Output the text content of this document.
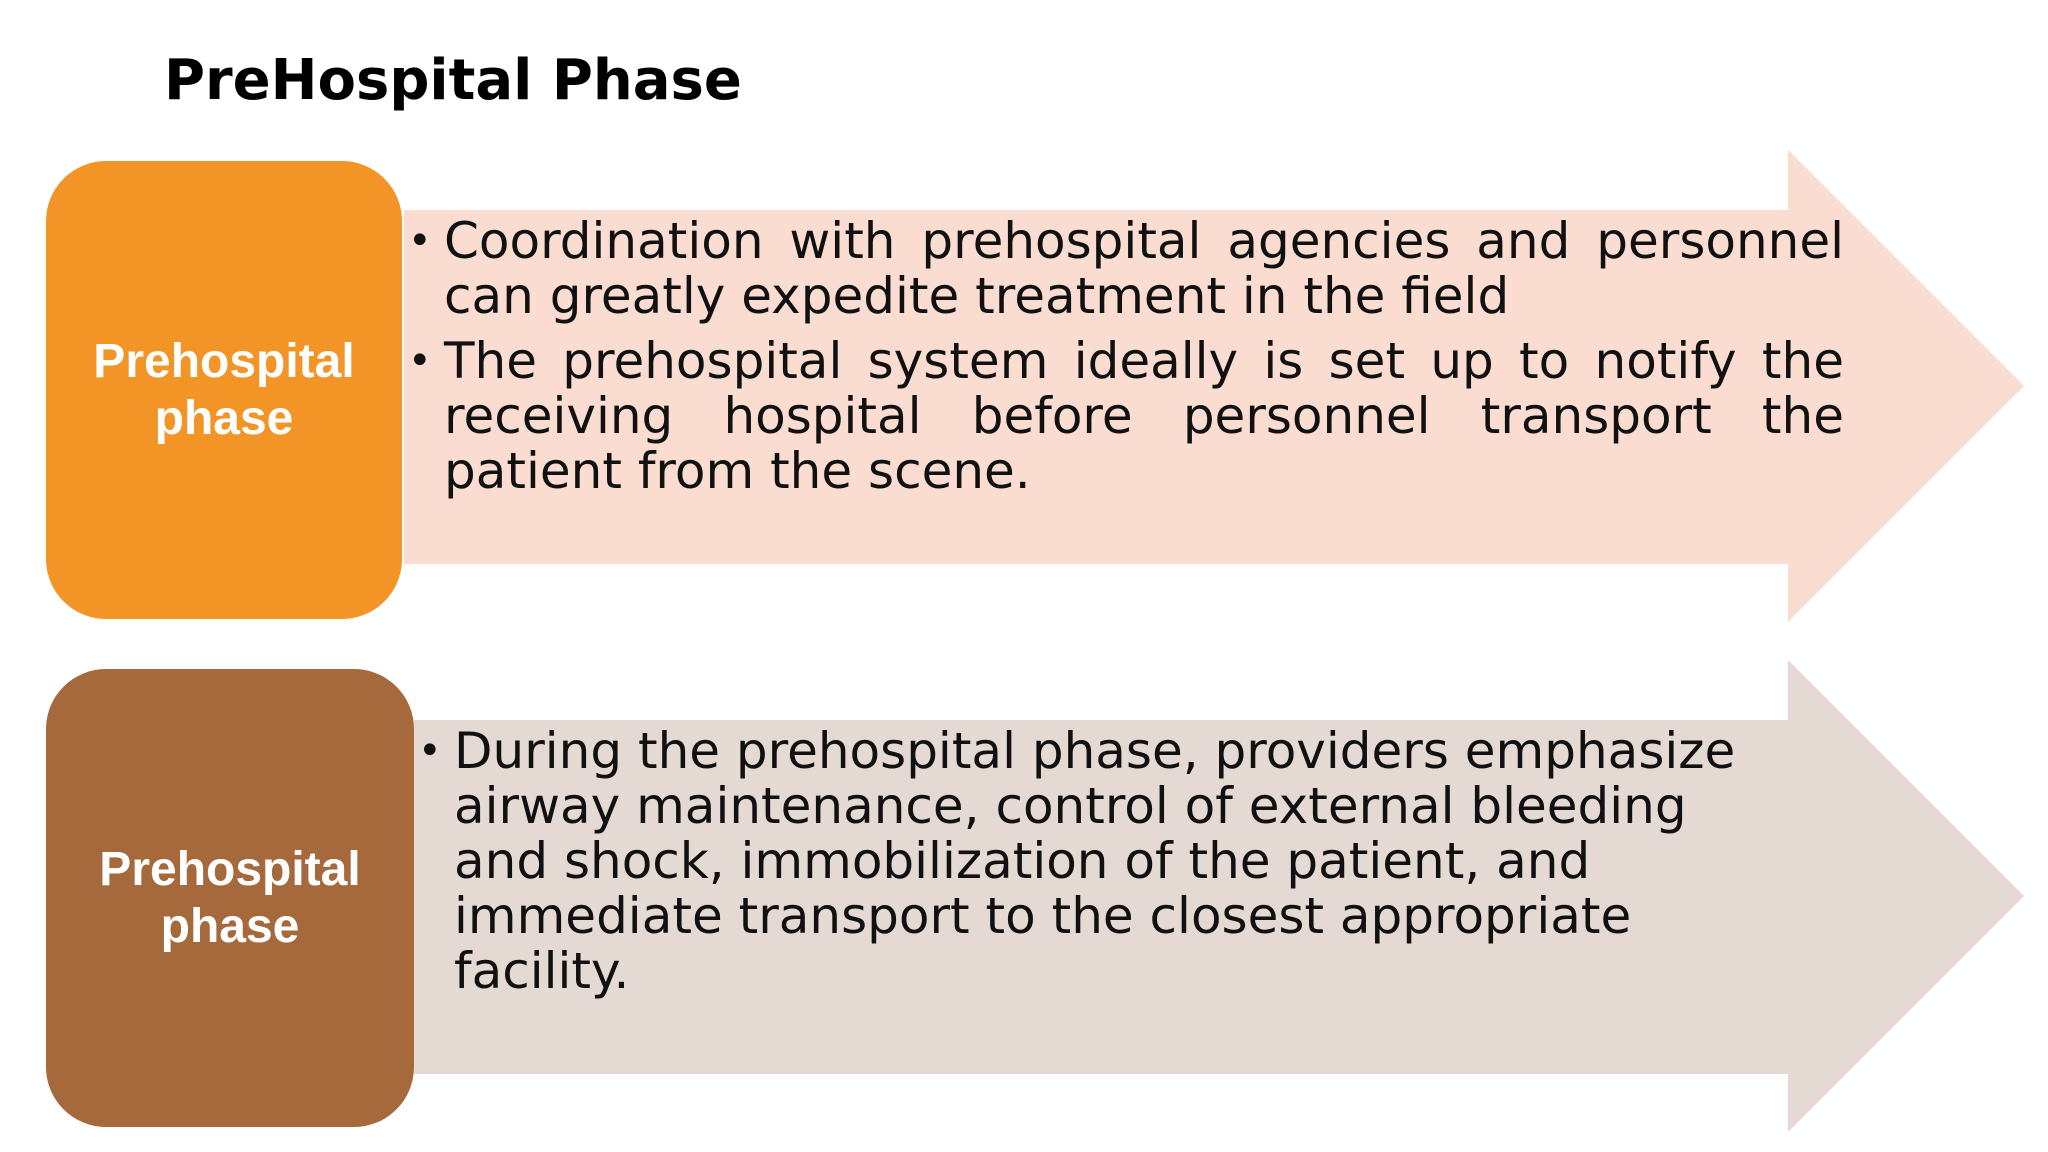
PreHospital Phase
Prehospital phase
• Coordination with prehospital agencies and personnel can greatly expedite treatment in the field
• The prehospital system ideally is set up to notify the receiving hospital before personnel transport the patient from the scene.
Prehospital phase
• During the prehospital phase, providers emphasize airway maintenance, control of external bleeding and shock, immobilization of the patient, and immediate transport to the closest appropriate facility.
